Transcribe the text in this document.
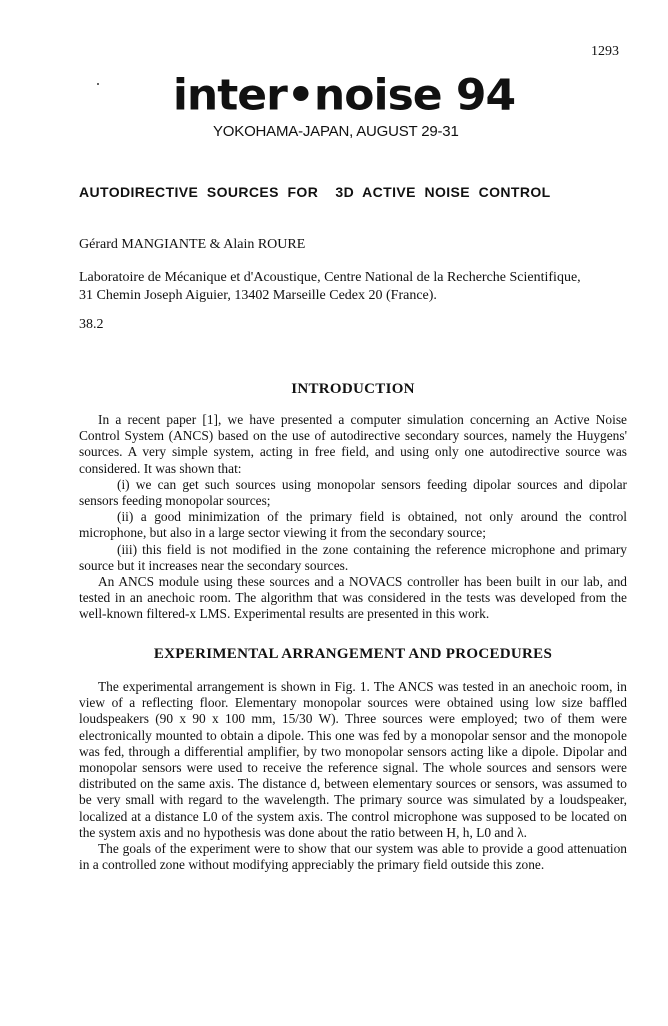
1293
inter•noise 94
YOKOHAMA-JAPAN, AUGUST 29-31
AUTODIRECTIVE  SOURCES  FOR    3D  ACTIVE  NOISE  CONTROL
Gérard MANGIANTE & Alain ROURE
Laboratoire de Mécanique et d'Acoustique, Centre National de la Recherche Scientifique,
31 Chemin Joseph Aiguier, 13402 Marseille Cedex 20 (France).
38.2
INTRODUCTION

In a recent paper [1], we have presented a computer simulation concerning an Active Noise Control System (ANCS) based on the use of autodirective secondary sources, namely the Huygens' sources. A very simple system, acting in free field, and using only one autodirective source was considered. It was shown that:

(i) we can get such sources using monopolar sensors feeding dipolar sources and dipolar sensors feeding monopolar sources;

(ii) a good minimization of the primary field is obtained, not only around the control microphone, but also in a large sector viewing it from the secondary source;

(iii) this field is not modified in the zone containing the reference microphone and primary source but it increases near the secondary sources.

An ANCS module using these sources and a NOVACS controller has been built in our lab, and tested in an anechoic room. The algorithm that was considered in the tests was developed from the well-known filtered-x LMS. Experimental results are presented in this work.

EXPERIMENTAL ARRANGEMENT AND PROCEDURES

The experimental arrangement is shown in Fig. 1. The ANCS was tested in an anechoic room, in view of a reflecting floor. Elementary monopolar sources were obtained using low size baffled loudspeakers (90 x 90 x 100 mm, 15/30 W). Three sources were employed; two of them were electronically mounted to obtain a dipole. This one was fed by a monopolar sensor and the monopole was fed, through a differential amplifier, by two monopolar sensors acting like a dipole. Dipolar and monopolar sensors were used to receive the reference signal. The whole sources and sensors were distributed on the same axis. The distance d, between elementary sources or sensors, was assumed to be very small with regard to the wavelength. The primary source was simulated by a loudspeaker, localized at a distance L0 of the system axis. The control microphone was supposed to be located on the system axis and no hypothesis was done about the ratio between H, h, L0 and λ.

The goals of the experiment were to show that our system was able to provide a good attenuation in a controlled zone without modifying appreciably the primary field outside this zone.
